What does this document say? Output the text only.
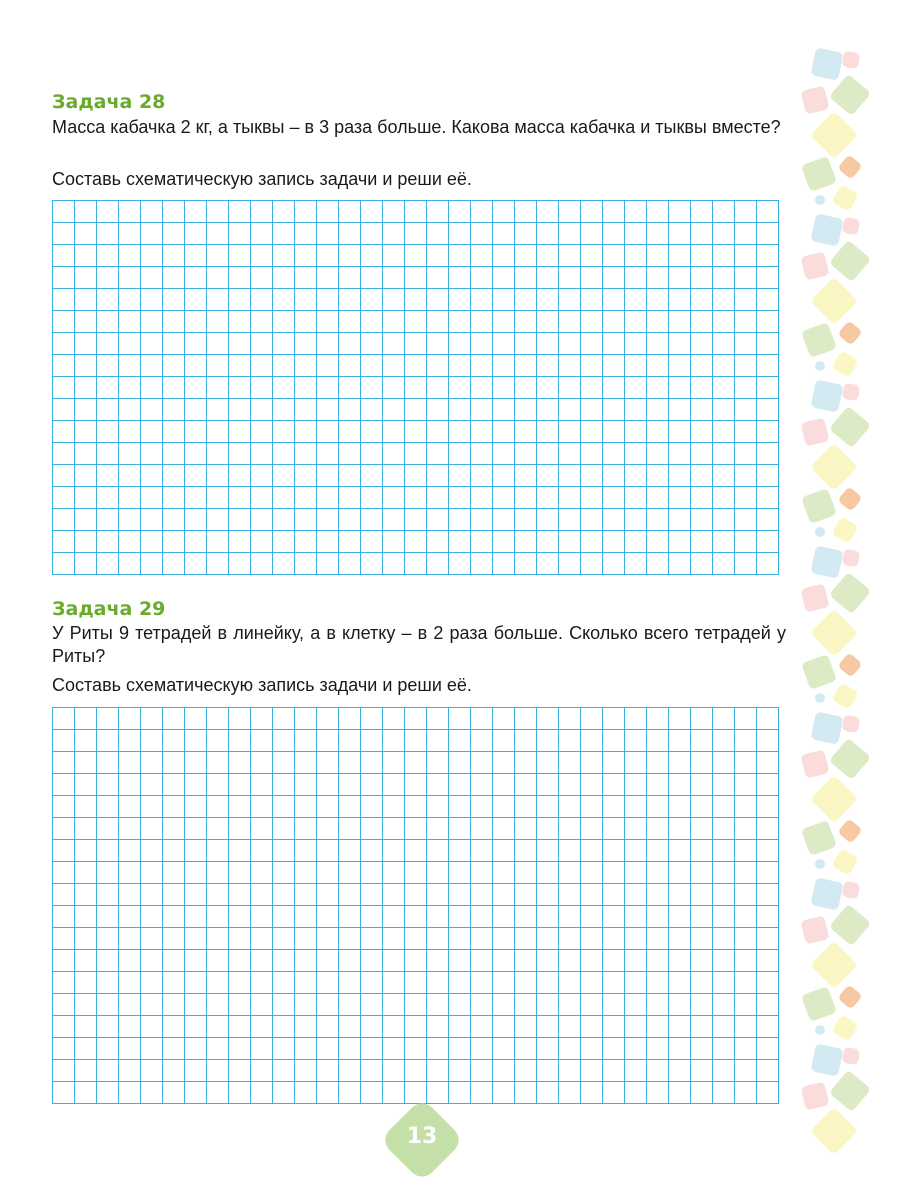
Задача 28
Масса кабачка 2 кг, а тыквы – в 3 раза больше. Какова масса кабачка и тыквы вместе?
Составь схематическую запись задачи и реши её.
Задача 29
У Риты 9 тетрадей в линейку, а в клетку – в 2 раза больше. Сколько всего тетрадей у Риты?
Составь схематическую запись задачи и реши её.
13
